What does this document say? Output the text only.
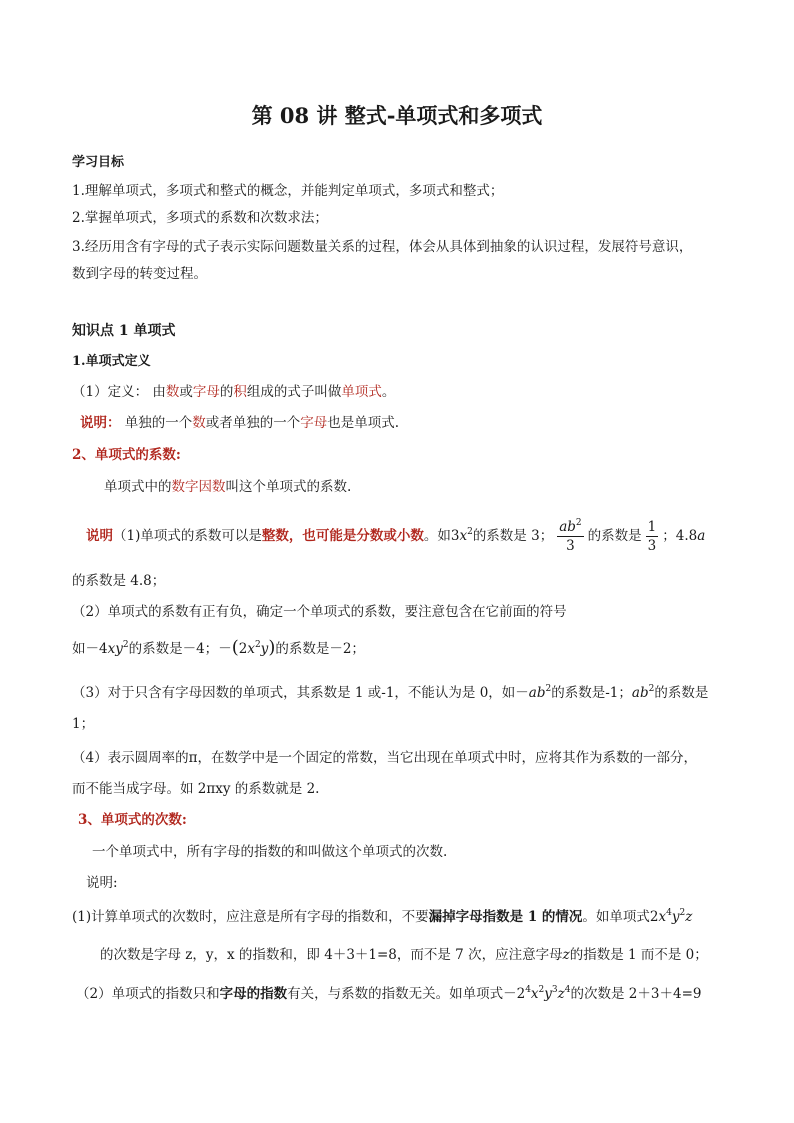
第 08 讲 整式-单项式和多项式
学习目标
1.理解单项式，多项式和整式的概念，并能判定单项式，多项式和整式；
2.掌握单项式，多项式的系数和次数求法；
3.经历用含有字母的式子表示实际问题数量关系的过程，体会从具体到抽象的认识过程，发展符号意识，
数到字母的转变过程。
知识点 1 单项式
1.单项式定义
（1）定义： 由数或字母的积组成的式子叫做单项式。
说明： 单独的一个数或者单独的一个字母也是单项式.
2、单项式的系数:
单项式中的数字因数叫这个单项式的系数.
说明（1)单项式的系数可以是整数，也可能是分数或小数。如$3x^2$的系数是 3； $\frac{ab^2}{3}$ 的系数是 $\frac{1}{3}$ ；4.8a
的系数是 4.8；
（2）单项式的系数有正有负，确定一个单项式的系数，要注意包含在它前面的符号
如$-4xy^2$的系数是－4；$-(2x^2y)$的系数是－2；
（3）对于只含有字母因数的单项式，其系数是 1 或-1，不能认为是 0，如$-ab^2$的系数是-1；$ab^2$的系数是
1；
（4）表示圆周率的π，在数学中是一个固定的常数，当它出现在单项式中时，应将其作为系数的一部分，
而不能当成字母。如 2πxy 的系数就是 2.
3、单项式的次数:
一个单项式中，所有字母的指数的和叫做这个单项式的次数.
说明:
(1)计算单项式的次数时，应注意是所有字母的指数和，不要漏掉字母指数是 1 的情况。如单项式$2x^4y^2z$
的次数是字母 z，y，x 的指数和，即 4＋3＋1=8，而不是 7 次，应注意字母z的指数是 1 而不是 0；
（2）单项式的指数只和字母的指数有关，与系数的指数无关。如单项式$-2^4x^2y^3z^4$的次数是 2＋3＋4=9
